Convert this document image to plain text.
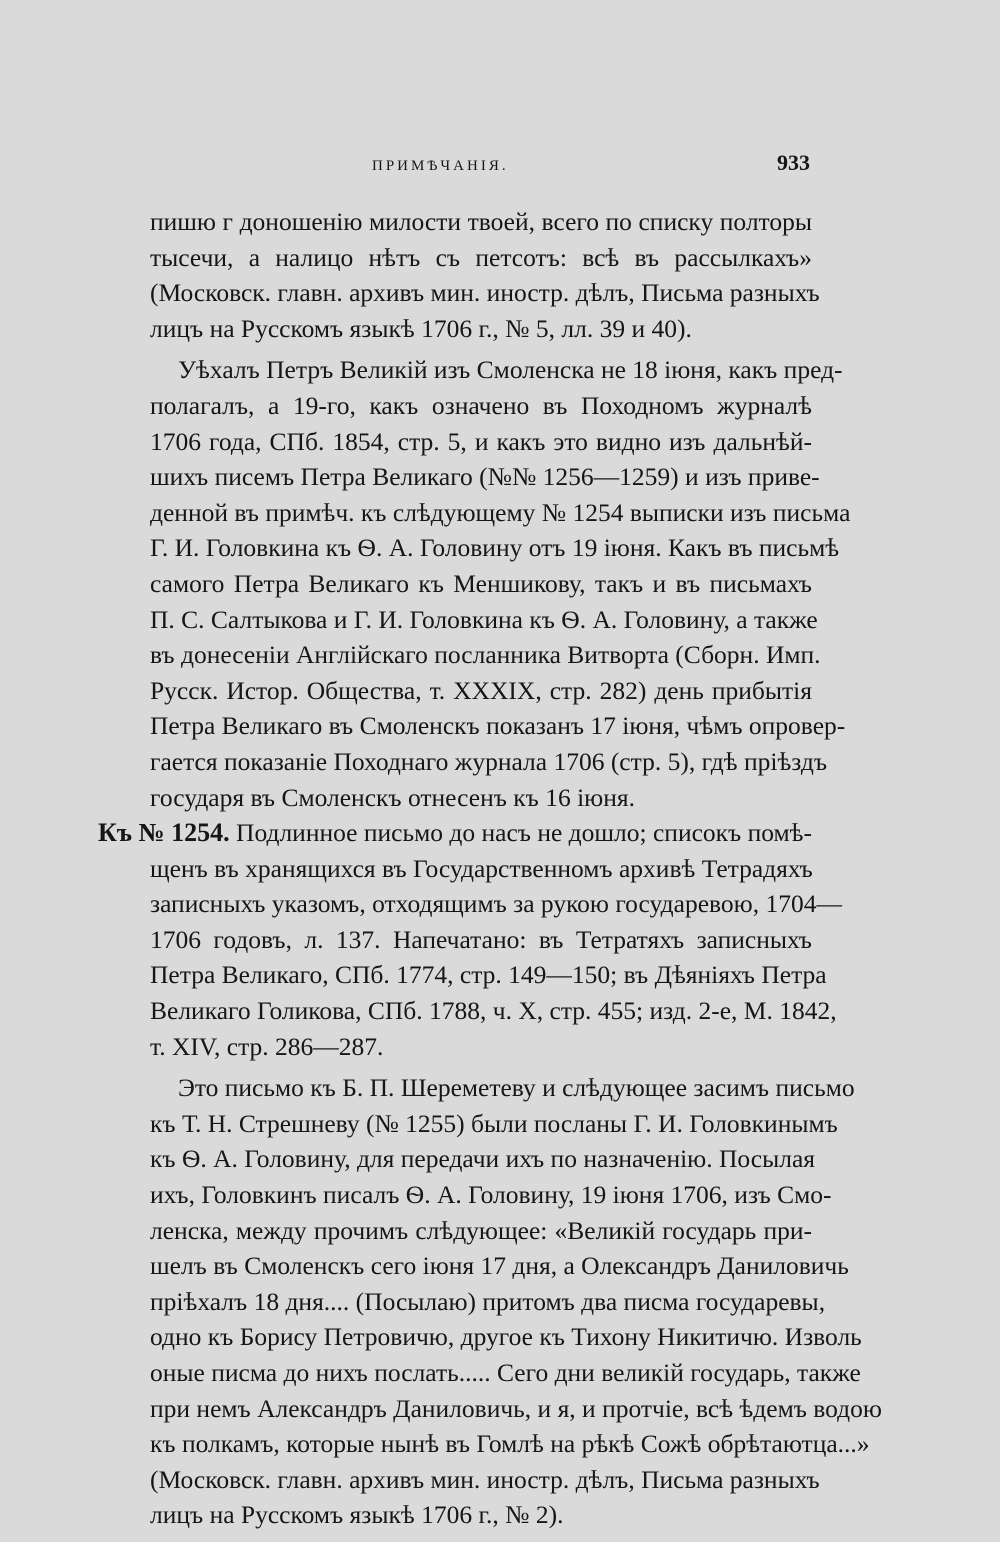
ПРИМѢЧАНІЯ.	933
пишю г доношенію милости твоей, всего по списку полторы
тысечи, а налицо нѣтъ съ петсотъ: всѣ въ рассылкахъ»
(Московск. главн. архивъ мин. иностр. дѣлъ, Письма разныхъ
лицъ на Русскомъ языкѣ 1706 г., № 5, лл. 39 и 40).
Уѣхалъ Петръ Великій изъ Смоленска не 18 іюня, какъ пред-
полагалъ, а 19-го, какъ означено въ Походномъ журналѣ
1706 года, СПб. 1854, стр. 5, и какъ это видно изъ дальнѣй-
шихъ писемъ Петра Великаго (№№ 1256—1259) и изъ приве-
денной въ примѣч. къ слѣдующему № 1254 выписки изъ письма
Г. И. Головкина къ Ѳ. А. Головину отъ 19 іюня. Какъ въ письмѣ
самого Петра Великаго къ Меншикову, такъ и въ письмахъ
П. С. Салтыкова и Г. И. Головкина къ Ѳ. А. Головину, а также
въ донесеніи Англійскаго посланника Витворта (Сборн. Имп.
Русск. Истор. Общества, т. XXXIX, стр. 282) день прибытія
Петра Великаго въ Смоленскъ показанъ 17 іюня, чѣмъ опровер-
гается показаніе Походнаго журнала 1706 (стр. 5), гдѣ пріѣздъ
государя въ Смоленскъ отнесенъ къ 16 іюня.
Къ № 1254. Подлинное письмо до насъ не дошло; списокъ помѣ-
щенъ въ хранящихся въ Государственномъ архивѣ Тетрадяхъ
записныхъ указомъ, отходящимъ за рукою государевою, 1704—
1706 годовъ, л. 137. Напечатано: въ Тетратяхъ записныхъ
Петра Великаго, СПб. 1774, стр. 149—150; въ Дѣяніяхъ Петра
Великаго Голикова, СПб. 1788, ч. X, стр. 455; изд. 2-е, М. 1842,
т. XIV, стр. 286—287.
Это письмо къ Б. П. Шереметеву и слѣдующее засимъ письмо
къ Т. Н. Стрешневу (№ 1255) были посланы Г. И. Головкинымъ
къ Ѳ. А. Головину, для передачи ихъ по назначенію. Посылая
ихъ, Головкинъ писалъ Ѳ. А. Головину, 19 іюня 1706, изъ Смо-
ленска, между прочимъ слѣдующее: «Великій государь при-
шелъ въ Смоленскъ сего іюня 17 дня, а Олександръ Даниловичь
пріѣхалъ 18 дня.... (Посылаю) притомъ два писма государевы,
одно къ Борису Петровичю, другое къ Тихону Никитичю. Изволь
оные писма до нихъ послать..... Сего дни великій государь, также
при немъ Александръ Даниловичь, и я, и протчіе, всѣ ѣдемъ водою
къ полкамъ, которые нынѣ въ Гомлѣ на рѣкѣ Сожѣ обрѣтаютца...»
(Московск. главн. архивъ мин. иностр. дѣлъ, Письма разныхъ
лицъ на Русскомъ языкѣ 1706 г., № 2).
